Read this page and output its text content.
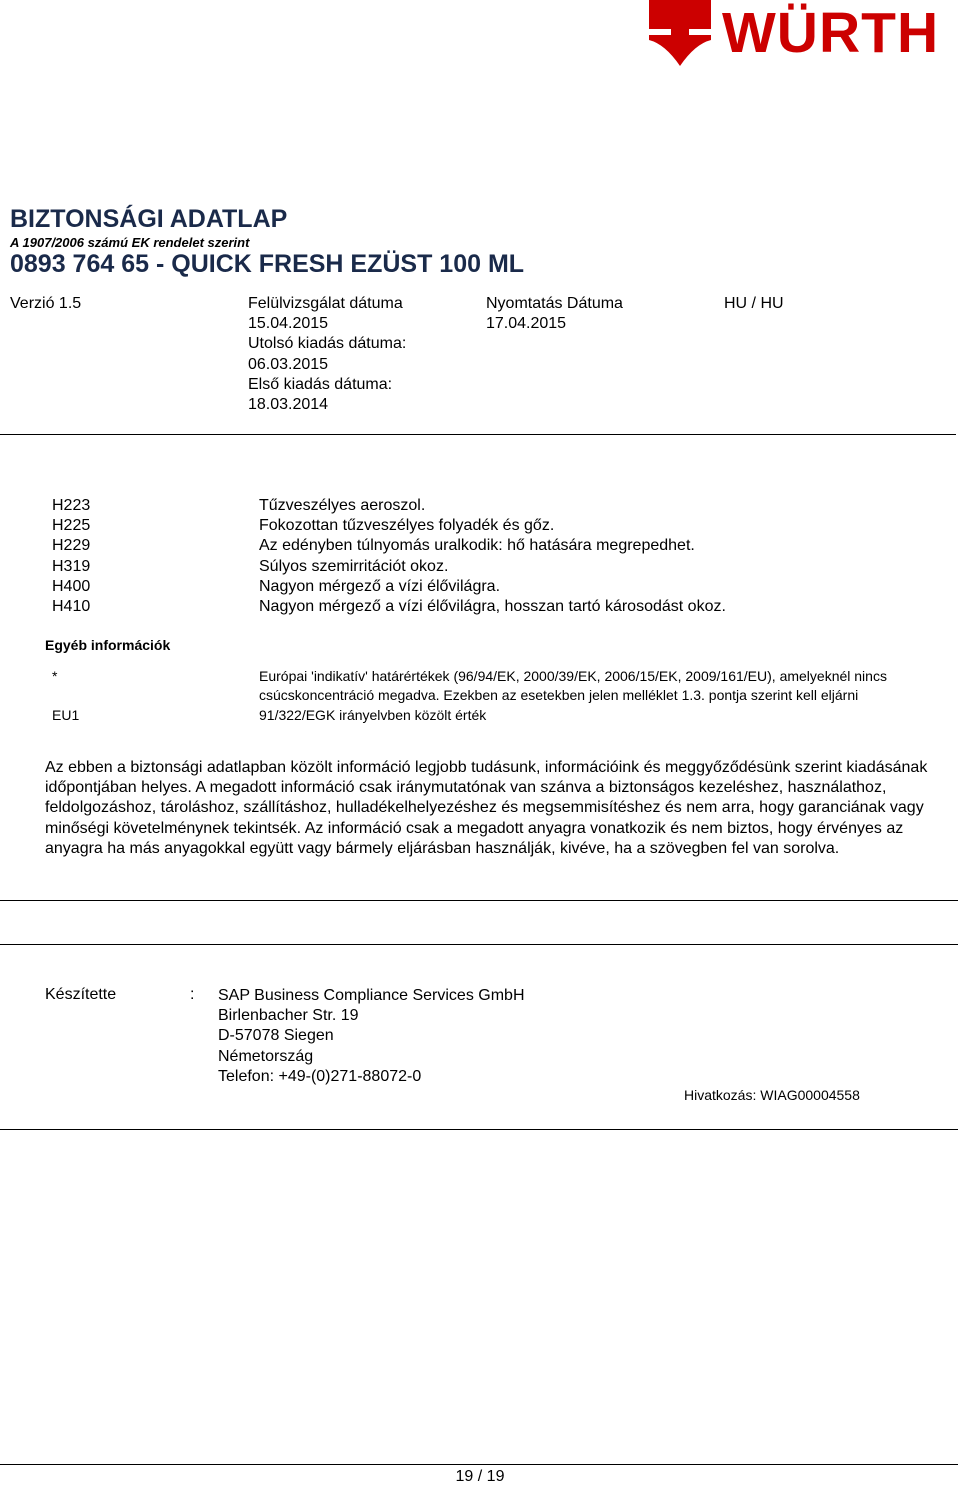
WÜRTH
BIZTONSÁGI ADATLAP
A 1907/2006 számú EK rendelet szerint
0893 764 65 - QUICK FRESH EZÜST 100 ML
Verzió 1.5	Felülvizsgálat dátuma
15.04.2015
Utolsó kiadás dátuma:
06.03.2015
Első kiadás dátuma:
18.03.2014
Nyomtatás Dátuma
17.04.2015
HU / HU
H223	Tűzveszélyes aeroszol.
H225	Fokozottan tűzveszélyes folyadék és gőz.
H229	Az edényben túlnyomás uralkodik: hő hatására megrepedhet.
H319	Súlyos szemirritációt okoz.
H400	Nagyon mérgező a vízi élővilágra.
H410	Nagyon mérgező a vízi élővilágra, hosszan tartó károsodást okoz.
Egyéb információk
*	Európai 'indikatív' határértékek (96/94/EK, 2000/39/EK, 2006/15/EK, 2009/161/EU), amelyeknél nincs csúcskoncentráció megadva. Ezekben az esetekben jelen melléklet 1.3. pontja szerint kell eljárni
EU1	91/322/EGK irányelvben közölt érték
Az ebben a biztonsági adatlapban közölt információ legjobb tudásunk, információink és meggyőződésünk szerint kiadásának időpontjában helyes. A megadott információ csak iránymutatónak van szánva a biztonságos kezeléshez, használathoz, feldolgozáshoz, tároláshoz, szállításhoz, hulladékelhelyezéshez és megsemmisítéshez és nem arra, hogy garanciának vagy minőségi követelménynek tekintsék. Az információ csak a megadott anyagra vonatkozik és nem biztos, hogy érvényes az anyagra ha más anyagokkal együtt vagy bármely eljárásban használják, kivéve, ha a szövegben fel van sorolva.
Készítette	: SAP Business Compliance Services GmbH
Birlenbacher Str. 19
D-57078 Siegen
Németország
Telefon: +49-(0)271-88072-0
Hivatkozás: WIAG00004558
19 / 19
